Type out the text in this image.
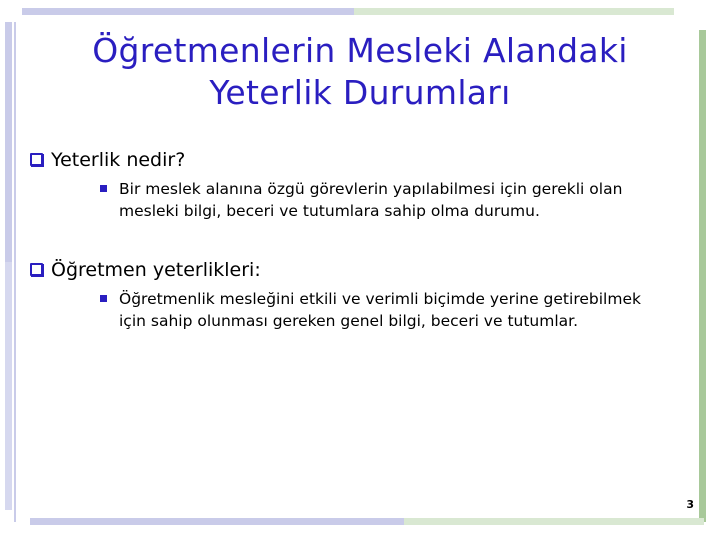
Öğretmenlerin Mesleki Alandaki
Yeterlik Durumları
Yeterlik nedir?
Bir meslek alanına özgü görevlerin yapılabilmesi için gerekli olan mesleki bilgi, beceri ve tutumlara sahip olma durumu.
Öğretmen yeterlikleri:
Öğretmenlik mesleğini etkili ve verimli biçimde yerine getirebilmek için sahip olunması gereken genel bilgi, beceri ve tutumlar.
3
